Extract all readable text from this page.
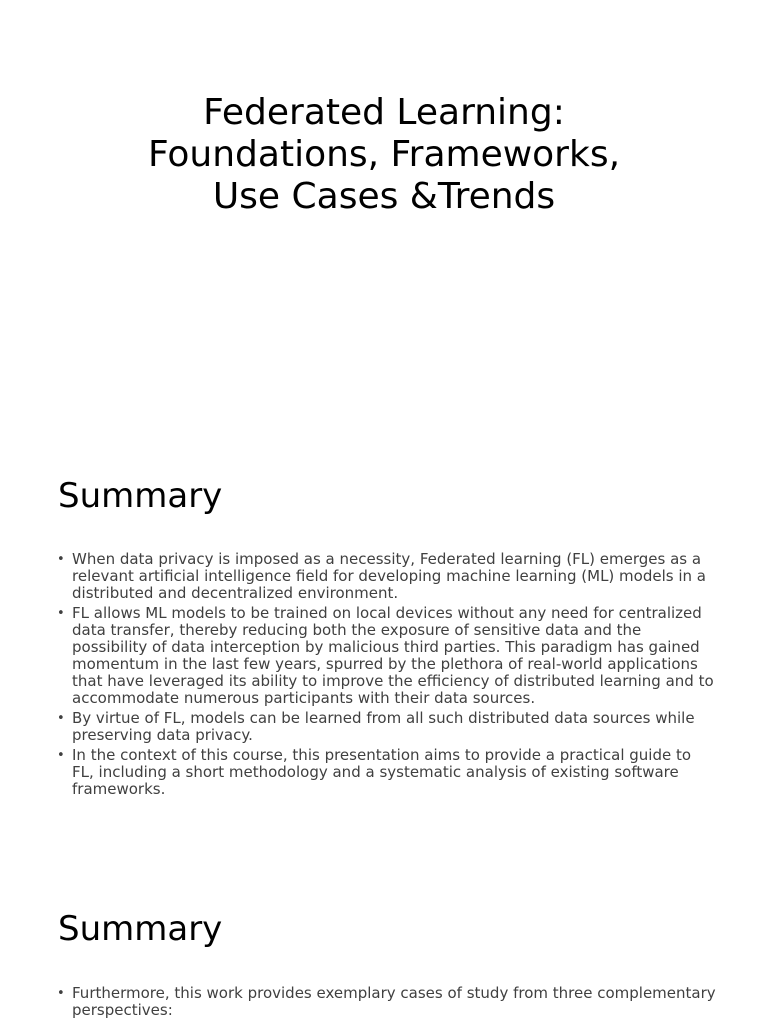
Federated Learning:
Foundations, Frameworks,
Use Cases &Trends
Summary
• When data privacy is imposed as a necessity, Federated learning (FL) emerges as a relevant artificial intelligence field for developing machine learning (ML) models in a distributed and decentralized environment.
• FL allows ML models to be trained on local devices without any need for centralized data transfer, thereby reducing both the exposure of sensitive data and the possibility of data interception by malicious third parties. This paradigm has gained momentum in the last few years, spurred by the plethora of real-world applications that have leveraged its ability to improve the efficiency of distributed learning and to accommodate numerous participants with their data sources.
• By virtue of FL, models can be learned from all such distributed data sources while preserving data privacy.
• In the context of this course, this presentation aims to provide a practical guide to FL, including a short methodology and a systematic analysis of existing software frameworks.
Summary
• Furthermore, this work provides exemplary cases of study from three complementary perspectives:
